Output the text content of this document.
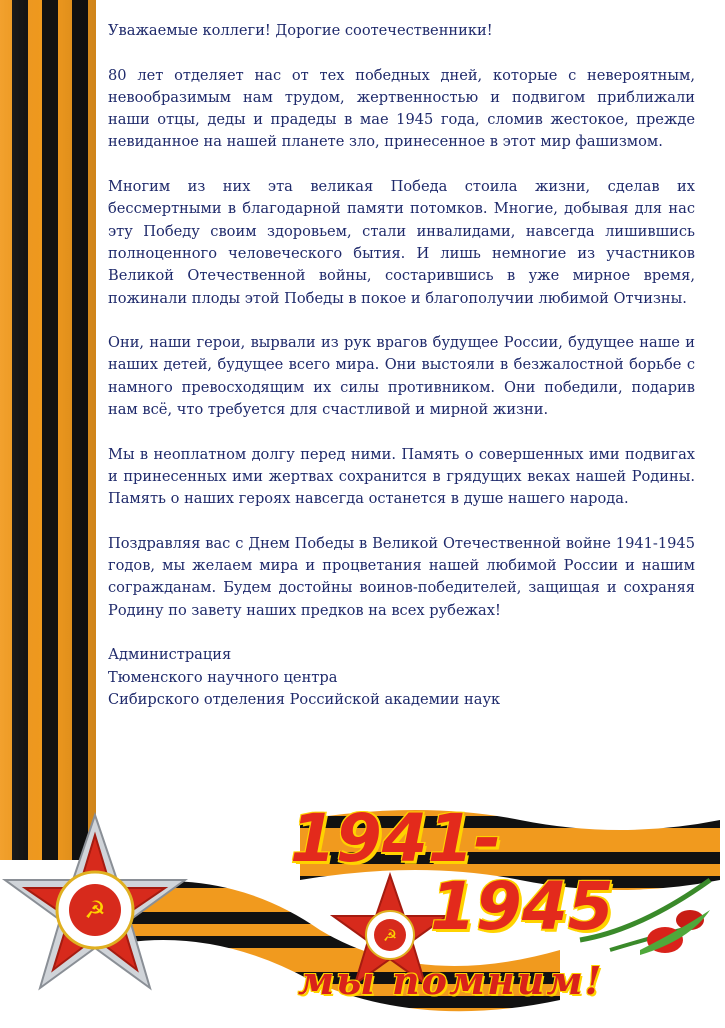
Уважаемые коллеги! Дорогие соотечественники!

80 лет отделяет нас от тех победных дней, которые с невероятным, невообразимым нам трудом, жертвенностью и подвигом приближали наши отцы, деды и прадеды в мае 1945 года, сломив жестокое, прежде невиданное на нашей планете зло, принесенное в этот мир фашизмом.

Многим из них эта великая Победа стоила жизни, сделав их бессмертными в благодарной памяти потомков. Многие, добывая для нас эту Победу своим здоровьем, стали инвалидами, навсегда лишившись полноценного человеческого бытия. И лишь немногие из участников Великой Отечественной войны, состарившись в уже мирное время, пожинали плоды этой Победы в покое и благополучии любимой Отчизны.

Они, наши герои, вырвали из рук врагов будущее России, будущее наше и наших детей, будущее всего мира. Они выстояли в безжалостной борьбе с намного превосходящим их силы противником. Они победили, подарив нам всё, что требуется для счастливой и мирной жизни.

Мы в неоплатном долгу перед ними. Память о совершенных ими подвигах и принесенных ими жертвах сохранится в грядущих веках нашей Родины. Память о наших героях навсегда останется в душе нашего народа.

Поздравляя вас с Днем Победы в Великой Отечественной войне 1941-1945 годов, мы желаем мира и процветания нашей любимой России и нашим согражданам. Будем достойны воинов-победителей, защищая и сохраняя Родину по завету наших предков на всех рубежах!

Администрация
Тюменского научного центра
Сибирского отделения Российской академии наук

☭
☭
1941-
1945
мы помним!
